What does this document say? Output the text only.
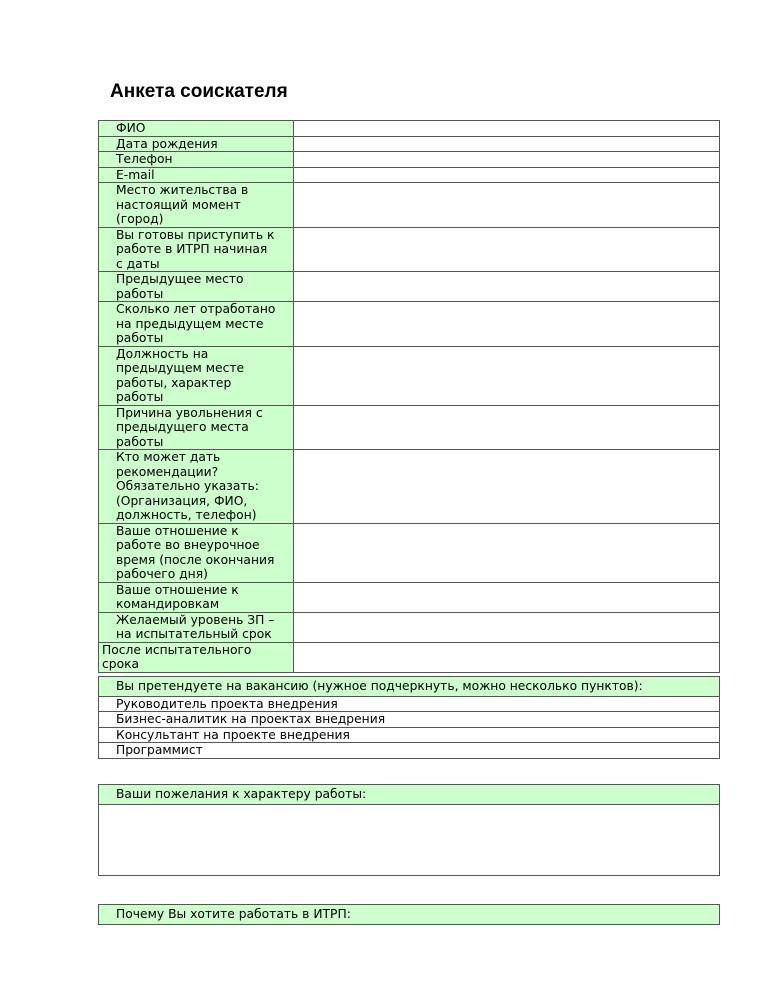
Анкета соискателя
ФИО	

Дата рождения	

Телефон	

E-mail	

Место жительства в
настоящий момент
(город)	

Вы готовы приступить к
работе в ИТРП начиная
с даты	

Предыдущее место
работы	

Сколько лет отработано
на предыдущем месте
работы	

Должность на
предыдущем месте
работы, характер
работы	

Причина увольнения с
предыдущего места
работы	

Кто может дать
рекомендации?
Обязательно указать:
(Организация, ФИО,
должность, телефон)	

Ваше отношение к
работе во внеурочное
время (после окончания
рабочего дня)	

Ваше отношение к
командировкам	

Желаемый уровень ЗП –
на испытательный срок	

После испытательного
срока	

Вы претендуете на вакансию (нужное подчеркнуть, можно несколько пунктов):
Руководитель проекта внедрения
Бизнес-аналитик на проектах внедрения
Консультант на проекте внедрения
Программист
Ваши пожелания к характеру работы:
Почему Вы хотите работать в ИТРП:
